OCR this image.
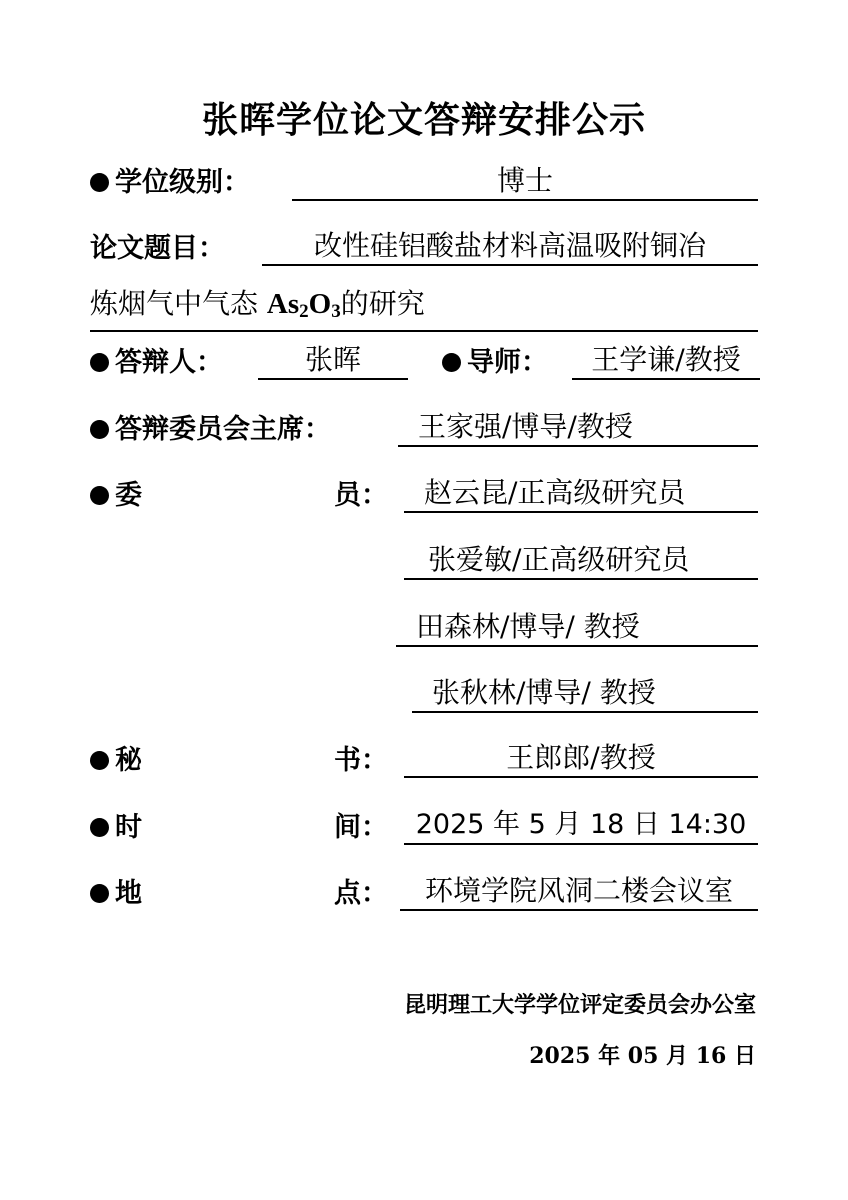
张晖学位论文答辩安排公示
学位级别：	博士
论文题目：	改性硅铝酸盐材料高温吸附铜冶
炼烟气中气态 $As_2O_3$的研究
答辩人：	张晖	导师：	王学谦/教授
答辩委员会主席：	王家强/博导/教授
委	员：	赵云昆/正高级研究员
张爱敏/正高级研究员
田森林/博导/ 教授
张秋林/博导/ 教授
秘	书：	王郎郎/教授
时	间：	2025 年 5 月 18 日 14:30
地	点：	环境学院风洞二楼会议室
昆明理工大学学位评定委员会办公室
2025 年 05 月 16 日
